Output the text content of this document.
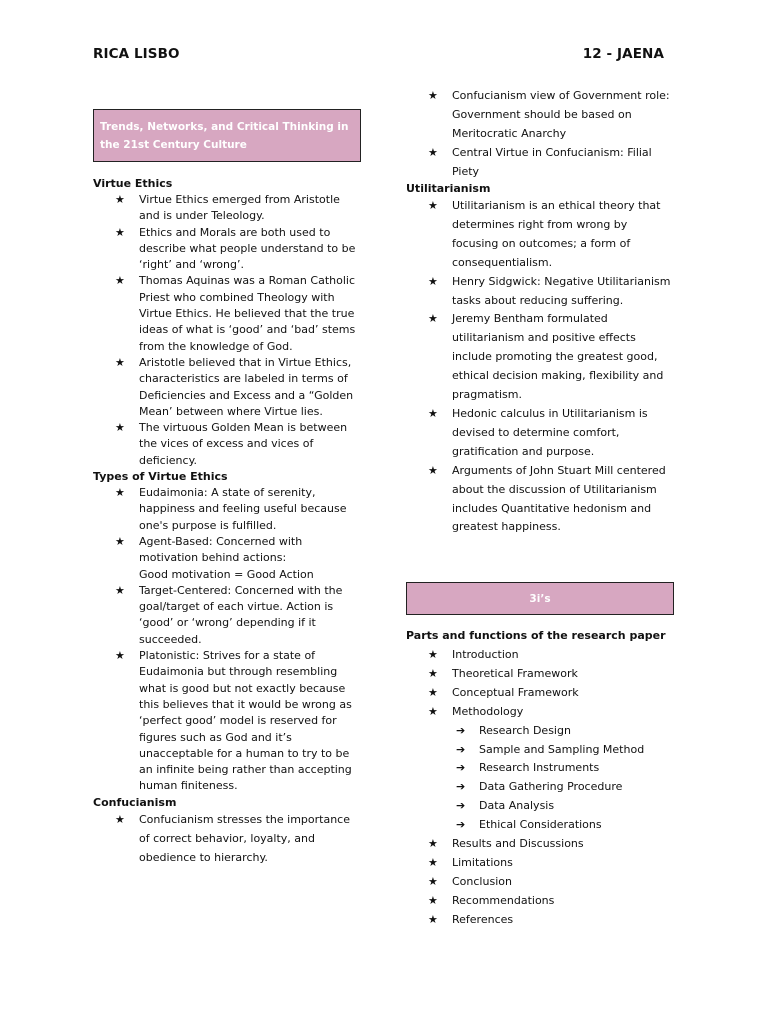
RICA LISBO	12 - JAENA
Trends, Networks, and Critical Thinking in the 21st Century Culture
Virtue Ethics
★ Virtue Ethics emerged from Aristotle and is under Teleology.
★ Ethics and Morals are both used to describe what people understand to be ‘right’ and ‘wrong’.
★ Thomas Aquinas was a Roman Catholic Priest who combined Theology with Virtue Ethics. He believed that the true ideas of what is ‘good’ and ‘bad’ stems from the knowledge of God.
★ Aristotle believed that in Virtue Ethics, characteristics are labeled in terms of Deficiencies and Excess and a “Golden Mean’ between where Virtue lies.
★ The virtuous Golden Mean is between the vices of excess and vices of deficiency.
Types of Virtue Ethics
★ Eudaimonia: A state of serenity, happiness and feeling useful because one's purpose is fulfilled.
★ Agent-Based: Concerned with motivation behind actions:
Good motivation = Good Action
★ Target-Centered: Concerned with the goal/target of each virtue. Action is ‘good’ or ‘wrong’ depending if it succeeded.
★ Platonistic: Strives for a state of Eudaimonia but through resembling what is good but not exactly because this believes that it would be wrong as ‘perfect good’ model is reserved for figures such as God and it’s unacceptable for a human to try to be an infinite being rather than accepting human finiteness.
Confucianism
★ Confucianism stresses the importance of correct behavior, loyalty, and obedience to hierarchy.
★ Confucianism view of Government role: Government should be based on Meritocratic Anarchy
★ Central Virtue in Confucianism: Filial Piety
Utilitarianism
★ Utilitarianism is an ethical theory that determines right from wrong by focusing on outcomes; a form of consequentialism.
★ Henry Sidgwick: Negative Utilitarianism tasks about reducing suffering.
★ Jeremy Bentham formulated utilitarianism and positive effects include promoting the greatest good, ethical decision making, flexibility and pragmatism.
★ Hedonic calculus in Utilitarianism is devised to determine comfort, gratification and purpose.
★ Arguments of John Stuart Mill centered about the discussion of Utilitarianism includes Quantitative hedonism and greatest happiness.
3i’s
Parts and functions of the research paper
★ Introduction
★ Theoretical Framework
★ Conceptual Framework
★ Methodology
➔ Research Design
➔ Sample and Sampling Method
➔ Research Instruments
➔ Data Gathering Procedure
➔ Data Analysis
➔ Ethical Considerations
★ Results and Discussions
★ Limitations
★ Conclusion
★ Recommendations
★ References
